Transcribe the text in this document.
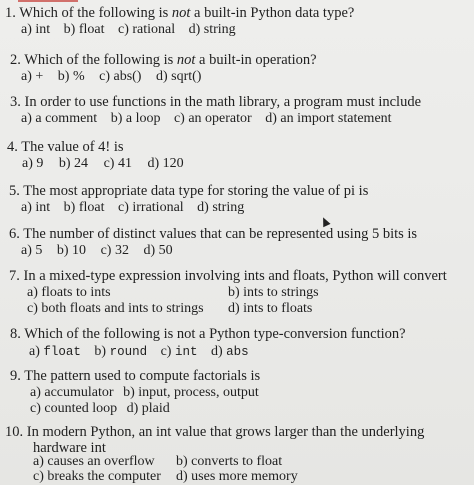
1. Which of the following is not a built-in Python data type?
a) int b) float c) rational d) string
2. Which of the following is not a built-in operation?
a) + b) % c) abs() d) sqrt()
3. In order to use functions in the math library, a program must include
a) a comment b) a loop c) an operator d) an import statement
4. The value of 4! is
a) 9 b) 24 c) 41 d) 120
5. The most appropriate data type for storing the value of pi is
a) int b) float c) irrational d) string
6. The number of distinct values that can be represented using 5 bits is
a) 5 b) 10 c) 32 d) 50
7. In a mixed-type expression involving ints and floats, Python will convert
a) floats to ints	b) ints to strings
c) both floats and ints to strings d) ints to floats
8. Which of the following is not a Python type-conversion function?
a) float b) round c) int d) abs
9. The pattern used to compute factorials is
a) accumulator b) input, process, output
c) counted loop d) plaid
10. In modern Python, an int value that grows larger than the underlying
hardware int
a) causes an overflow b) converts to float
c) breaks the computer d) uses more memory
